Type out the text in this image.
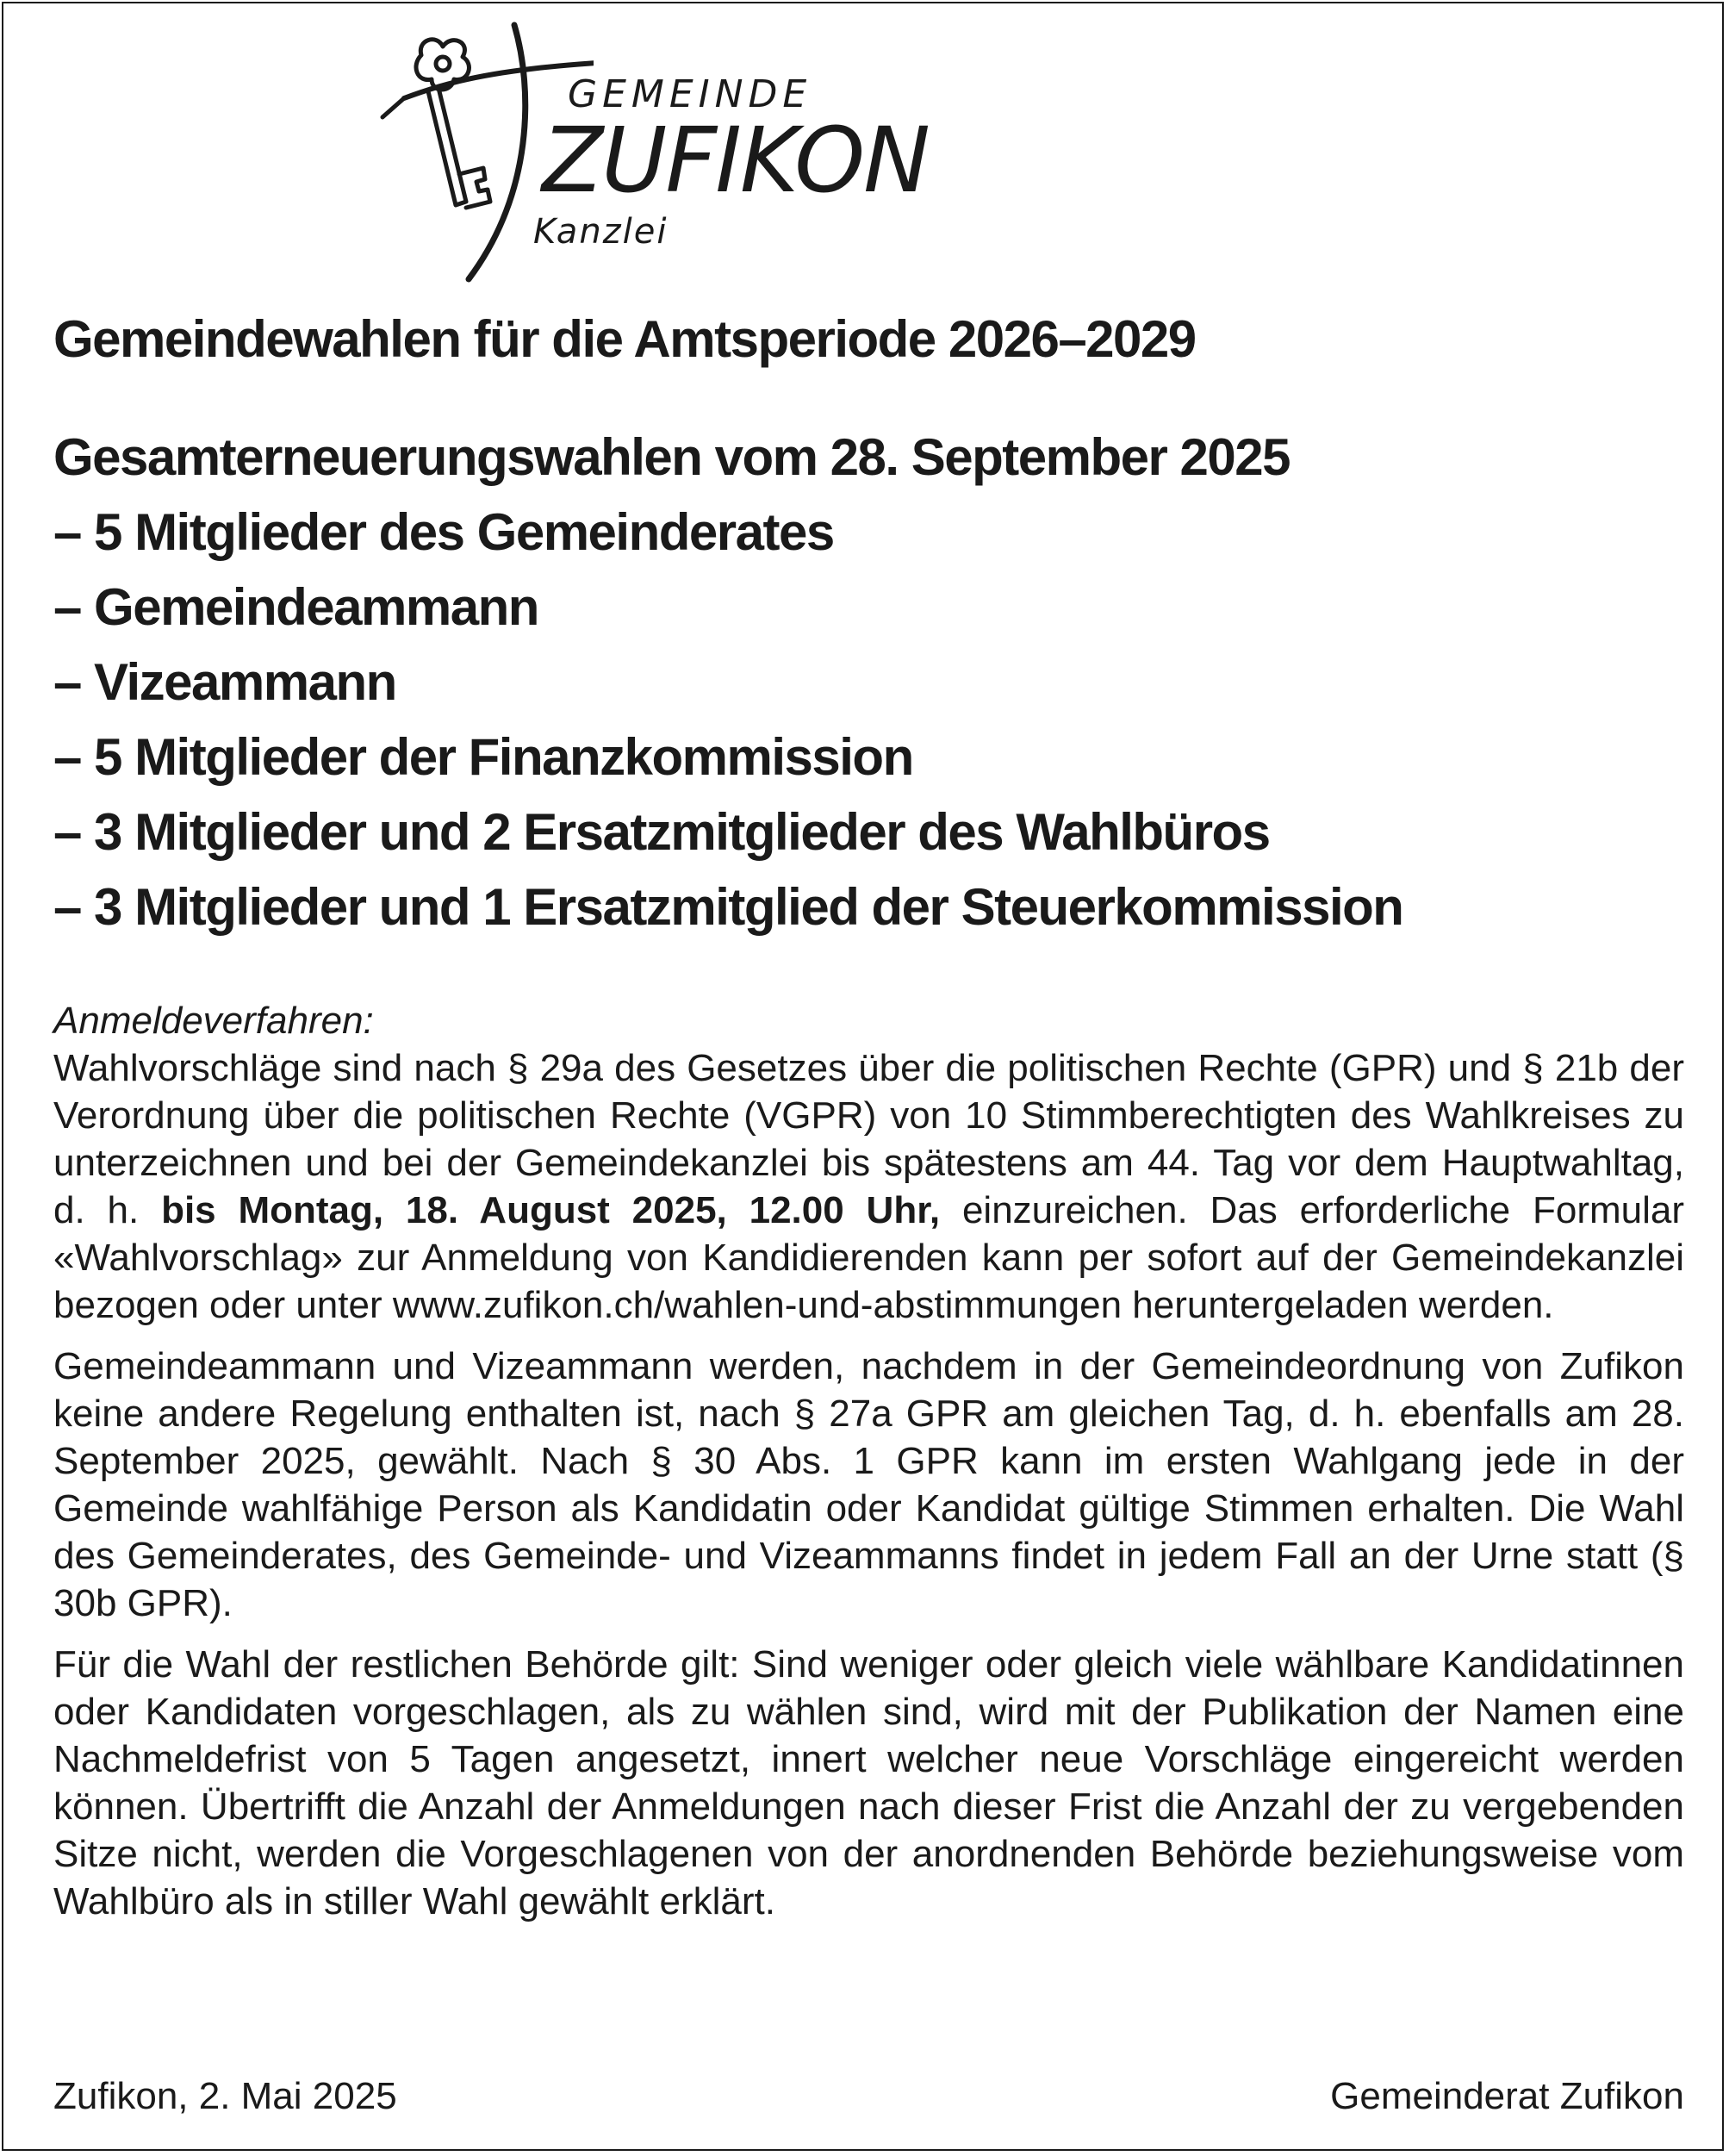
GEMEINDE
ZUFIKON
Kanzlei
Gemeindewahlen für die Amtsperiode 2026–2029
Gesamterneuerungswahlen vom 28. September 2025
– 5 Mitglieder des Gemeinderates
– Gemeindeammann
– Vizeammann
– 5 Mitglieder der Finanzkommission
– 3 Mitglieder und 2 Ersatzmitglieder des Wahlbüros
– 3 Mitglieder und 1 Ersatzmitglied der Steuerkommission

Anmeldeverfahren:
Wahlvorschläge sind nach § 29a des Gesetzes über die politischen Rechte (GPR) und § 21b der Verordnung über die politischen Rechte (VGPR) von 10 Stimmberechtigten des Wahlkreises zu unterzeichnen und bei der Gemeindekanzlei bis spätestens am 44. Tag vor dem Hauptwahltag, d. h. bis Montag, 18. August 2025, 12.00 Uhr, einzureichen. Das erforderliche Formular «Wahlvorschlag» zur Anmeldung von Kandidierenden kann per sofort auf der Gemeindekanzlei bezogen oder unter www.zufikon.ch/wahlen-und-abstimmungen heruntergeladen werden.

Gemeindeammann und Vizeammann werden, nachdem in der Gemeindeordnung von Zufikon keine andere Regelung enthalten ist, nach § 27a GPR am gleichen Tag, d. h. ebenfalls am 28. September 2025, gewählt. Nach § 30 Abs. 1 GPR kann im ersten Wahlgang jede in der Gemeinde wahlfähige Person als Kandidatin oder Kandidat gültige Stimmen erhalten. Die Wahl des Gemeinderates, des Gemeinde- und Vizeammanns findet in jedem Fall an der Urne statt (§ 30b GPR).

Für die Wahl der restlichen Behörde gilt: Sind weniger oder gleich viele wählbare Kandidatinnen oder Kandidaten vorgeschlagen, als zu wählen sind, wird mit der Publikation der Namen eine Nachmeldefrist von 5 Tagen angesetzt, innert welcher neue Vorschläge eingereicht werden können. Übertrifft die Anzahl der Anmeldungen nach dieser Frist die Anzahl der zu vergebenden Sitze nicht, werden die Vorgeschlagenen von der anordnenden Behörde beziehungsweise vom Wahlbüro als in stiller Wahl gewählt erklärt.

Zufikon, 2. Mai 2025	Gemeinderat Zufikon
